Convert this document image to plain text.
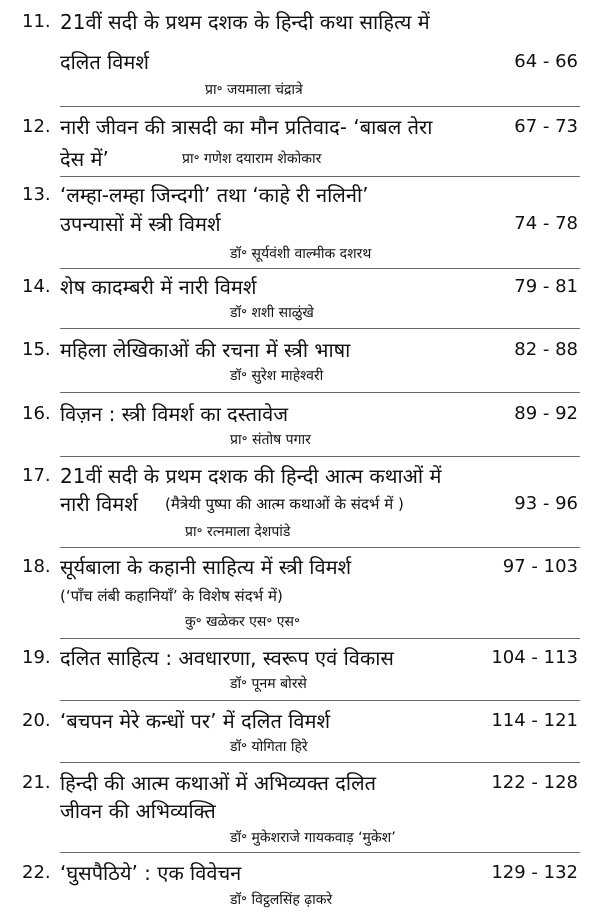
11. 21वीं सदी के प्रथम दशक के हिन्दी कथा साहित्य में
दलित विमर्श	64 - 66
प्रा॰ जयमाला चंद्रात्रे
12. नारी जीवन की त्रासदी का मौन प्रतिवाद- ‘बाबल तेरा	67 - 73
देस में’	प्रा॰ गणेश दयाराम शेकोकार
13. ‘लम्हा-लम्हा जिन्दगी’ तथा ‘काहे री नलिनी’
उपन्यासों में स्त्री विमर्श	74 - 78
डॉ॰ सूर्यवंशी वाल्मीक दशरथ
14. शेष कादम्बरी में नारी विमर्श	79 - 81
डॉ॰ शशी साळुंखे
15. महिला लेखिकाओं की रचना में स्त्री भाषा	82 - 88
डॉ॰ सुरेश माहेश्वरी
16. विज़न : स्त्री विमर्श का दस्तावेज	89 - 92
प्रा॰ संतोष पगार
17. 21वीं सदी के प्रथम दशक की हिन्दी आत्म कथाओं में
नारी विमर्श (मैत्रेयी पुष्पा की आत्म कथाओं के संदर्भ में )	93 - 96
प्रा॰ रत्नमाला देशपांडे
18. सूर्यबाला के कहानी साहित्य में स्त्री विमर्श	97 - 103
(‘पाँच लंबी कहानियाँ’ के विशेष संदर्भ में)
कु॰ खळेकर एस॰ एस॰
19. दलित साहित्य : अवधारणा, स्वरूप एवं विकास	104 - 113
डॉ॰ पूनम बोरसे
20. ‘बचपन मेरे कन्धों पर’ में दलित विमर्श	114 - 121
डॉ॰ योगिता हिरे
21. हिन्दी की आत्म कथाओं में अभिव्यक्त दलित	122 - 128
जीवन की अभिव्यक्ति
डॉ॰ मुकेशराजे गायकवाड़ ‘मुकेश’
22. ‘घुसपैठिये’ : एक विवेचन	129 - 132
डॉ॰ विट्ठलसिंह ढ़ाकरे
